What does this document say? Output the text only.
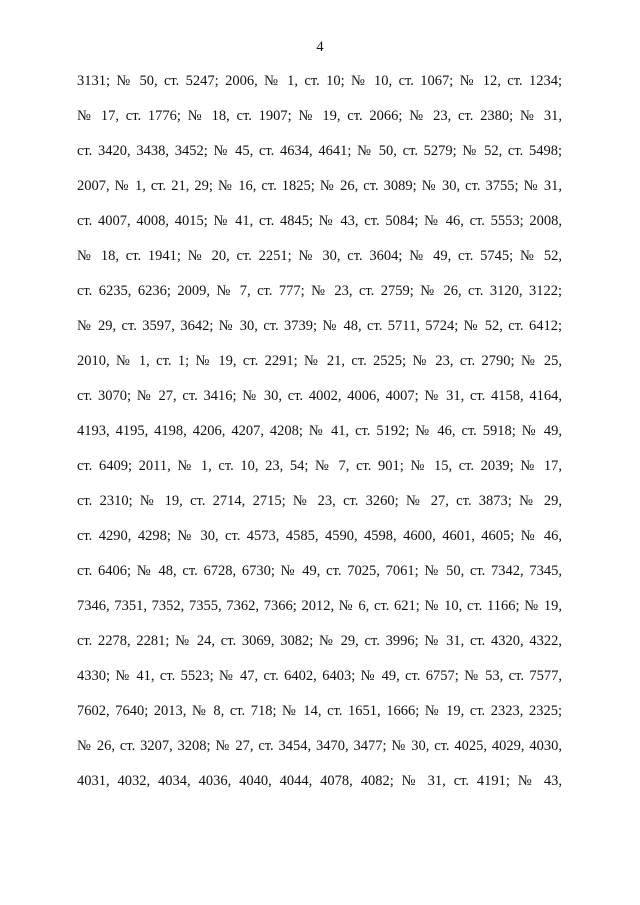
4
3131; № 50, ст. 5247; 2006, № 1, ст. 10; № 10, ст. 1067; № 12, ст. 1234;
№ 17, ст. 1776; № 18, ст. 1907; № 19, ст. 2066; № 23, ст. 2380; № 31,
ст. 3420, 3438, 3452; № 45, ст. 4634, 4641; № 50, ст. 5279; № 52, ст. 5498;
2007, № 1, ст. 21, 29; № 16, ст. 1825; № 26, ст. 3089; № 30, ст. 3755; № 31,
ст. 4007, 4008, 4015; № 41, ст. 4845; № 43, ст. 5084; № 46, ст. 5553; 2008,
№ 18, ст. 1941; № 20, ст. 2251; № 30, ст. 3604; № 49, ст. 5745; № 52,
ст. 6235, 6236; 2009, № 7, ст. 777; № 23, ст. 2759; № 26, ст. 3120, 3122;
№ 29, ст. 3597, 3642; № 30, ст. 3739; № 48, ст. 5711, 5724; № 52, ст. 6412;
2010, № 1, ст. 1; № 19, ст. 2291; № 21, ст. 2525; № 23, ст. 2790; № 25,
ст. 3070; № 27, ст. 3416; № 30, ст. 4002, 4006, 4007; № 31, ст. 4158, 4164,
4193, 4195, 4198, 4206, 4207, 4208; № 41, ст. 5192; № 46, ст. 5918; № 49,
ст. 6409; 2011, № 1, ст. 10, 23, 54; № 7, ст. 901; № 15, ст. 2039; № 17,
ст. 2310; № 19, ст. 2714, 2715; № 23, ст. 3260; № 27, ст. 3873; № 29,
ст. 4290, 4298; № 30, ст. 4573, 4585, 4590, 4598, 4600, 4601, 4605; № 46,
ст. 6406; № 48, ст. 6728, 6730; № 49, ст. 7025, 7061; № 50, ст. 7342, 7345,
7346, 7351, 7352, 7355, 7362, 7366; 2012, № 6, ст. 621; № 10, ст. 1166; № 19,
ст. 2278, 2281; № 24, ст. 3069, 3082; № 29, ст. 3996; № 31, ст. 4320, 4322,
4330; № 41, ст. 5523; № 47, ст. 6402, 6403; № 49, ст. 6757; № 53, ст. 7577,
7602, 7640; 2013, № 8, ст. 718; № 14, ст. 1651, 1666; № 19, ст. 2323, 2325;
№ 26, ст. 3207, 3208; № 27, ст. 3454, 3470, 3477; № 30, ст. 4025, 4029, 4030,
4031, 4032, 4034, 4036, 4040, 4044, 4078, 4082; № 31, ст. 4191; № 43,
